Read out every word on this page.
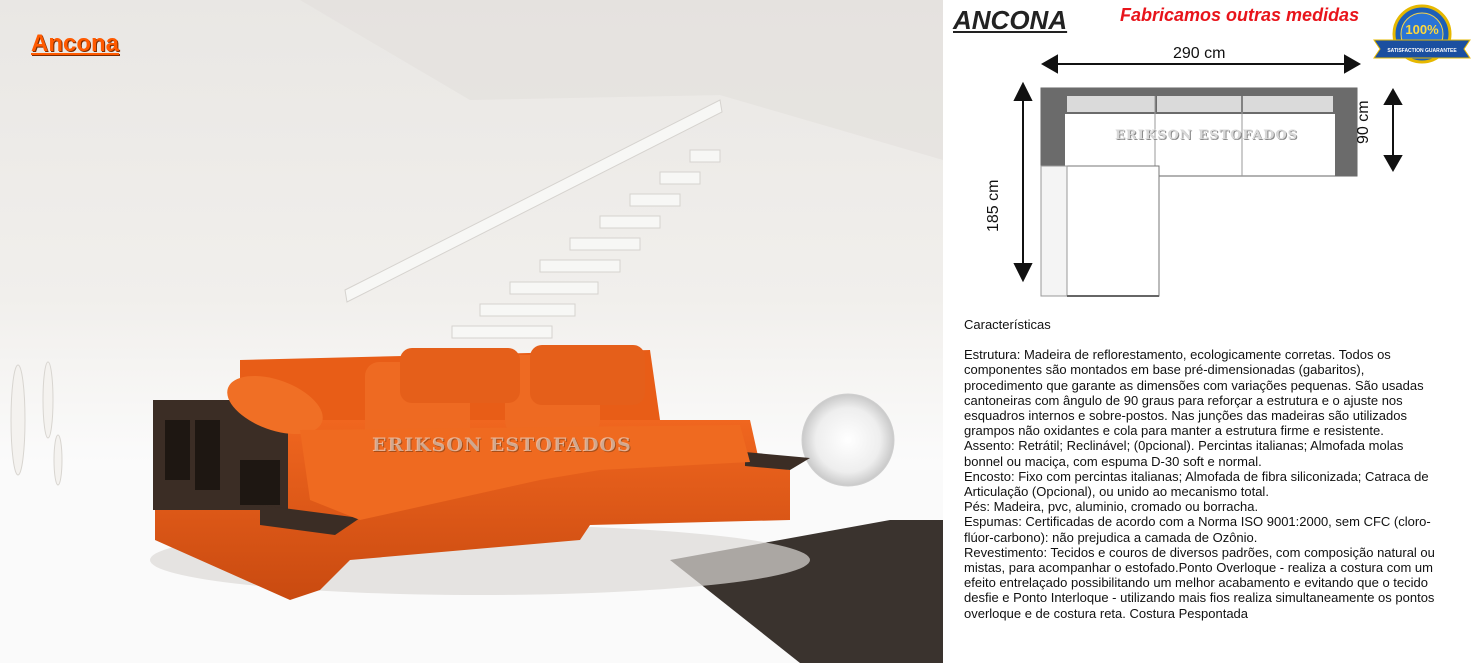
Ancona
ERIKSON ESTOFADOS
ANCONA	Fabricamos outras medidas
100%
SATISFACTION GUARANTEE
ERIKSON ESTOFADOS
290 cm
90 cm
185 cm
Características

Estrutura: Madeira de reflorestamento, ecologicamente corretas. Todos os componentes são montados em base pré-dimensionadas (gabaritos), procedimento que garante as dimensões com variações pequenas. São usadas cantoneiras com ângulo de 90 graus para reforçar a estrutura e o ajuste nos esquadros internos e sobre-postos. Nas junções das madeiras são utilizados grampos não oxidantes e cola para manter a estrutura firme e resistente.

Assento: Retrátil; Reclinável; (0pcional). Percintas italianas; Almofada molas bonnel ou maciça, com espuma D-30 soft e normal.

Encosto: Fixo com percintas italianas; Almofada de fibra siliconizada; Catraca de Articulação (Opcional), ou unido ao mecanismo total.

Pés: Madeira, pvc, aluminio, cromado ou borracha.

Espumas: Certificadas de acordo com a Norma ISO 9001:2000, sem CFC (cloro-flúor-carbono): não prejudica a camada de Ozônio.

Revestimento: Tecidos e couros de diversos padrões, com composição natural ou mistas, para acompanhar o estofado.Ponto Overloque - realiza a costura com um efeito entrelaçado possibilitando um melhor acabamento e evitando que o tecido desfie e Ponto Interloque - utilizando mais fios realiza simultaneamente os pontos overloque e de costura reta. Costura Pespontada
